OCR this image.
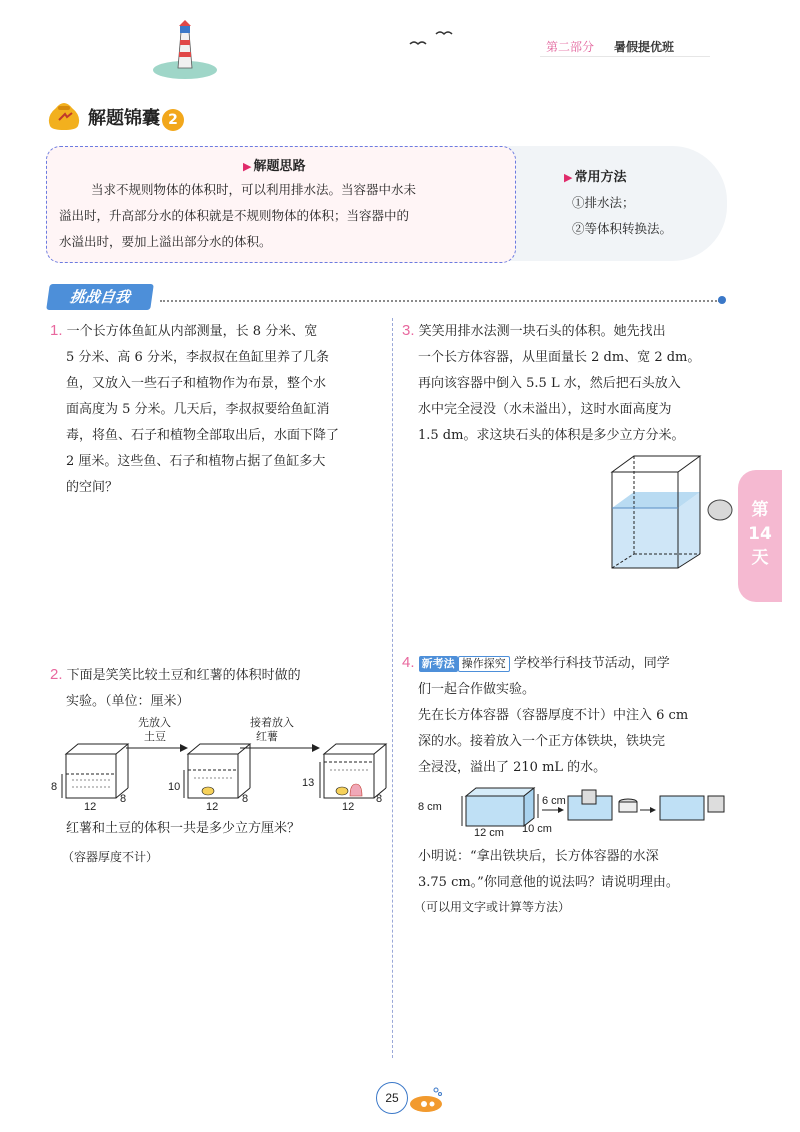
第二部分 暑假提优班
解题锦囊 2
▶ 常用方法
①排水法；
②等体积转换法。
▶ 解题思路
当求不规则物体的体积时，可以利用排水法。当容器中水未
溢出时，升高部分水的体积就是不规则物体的体积；当容器中的
水溢出时，要加上溢出部分水的体积。
挑战自我
第
14
天
1. 一个长方体鱼缸从内部测量，长 8 分米、宽
5 分米、高 6 分米，李叔叔在鱼缸里养了几条
鱼，又放入一些石子和植物作为布景，整个水
面高度为 5 分米。几天后，李叔叔要给鱼缸消
毒，将鱼、石子和植物全部取出后，水面下降了
2 厘米。这些鱼、石子和植物占据了鱼缸多大
的空间？
2. 下面是笑笑比较土豆和红薯的体积时做的
实验。（单位：厘米）
先放入
土豆
接着放入
红薯
8
12
8
10
12
8
13
12
8
红薯和土豆的体积一共是多少立方厘米？
（容器厚度不计）
3. 笑笑用排水法测一块石头的体积。她先找出
一个长方体容器，从里面量长 2 dm、宽 2 dm。
再向该容器中倒入 5.5 L 水，然后把石头放入
水中完全浸没（水未溢出），这时水面高度为
1.5 dm。求这块石头的体积是多少立方分米。
4. 新考法 操作探究 学校举行科技节活动，同学
们一起合作做实验。
先在长方体容器（容器厚度不计）中注入 6 cm
深的水。接着放入一个正方体铁块，铁块完
全浸没，溢出了 210 mL 的水。
8 cm	6 cm
12 cm 10 cm
小明说：“拿出铁块后，长方体容器的水深
3.75 cm。”你同意他的说法吗？请说明理由。
（可以用文字或计算等方法）
25
